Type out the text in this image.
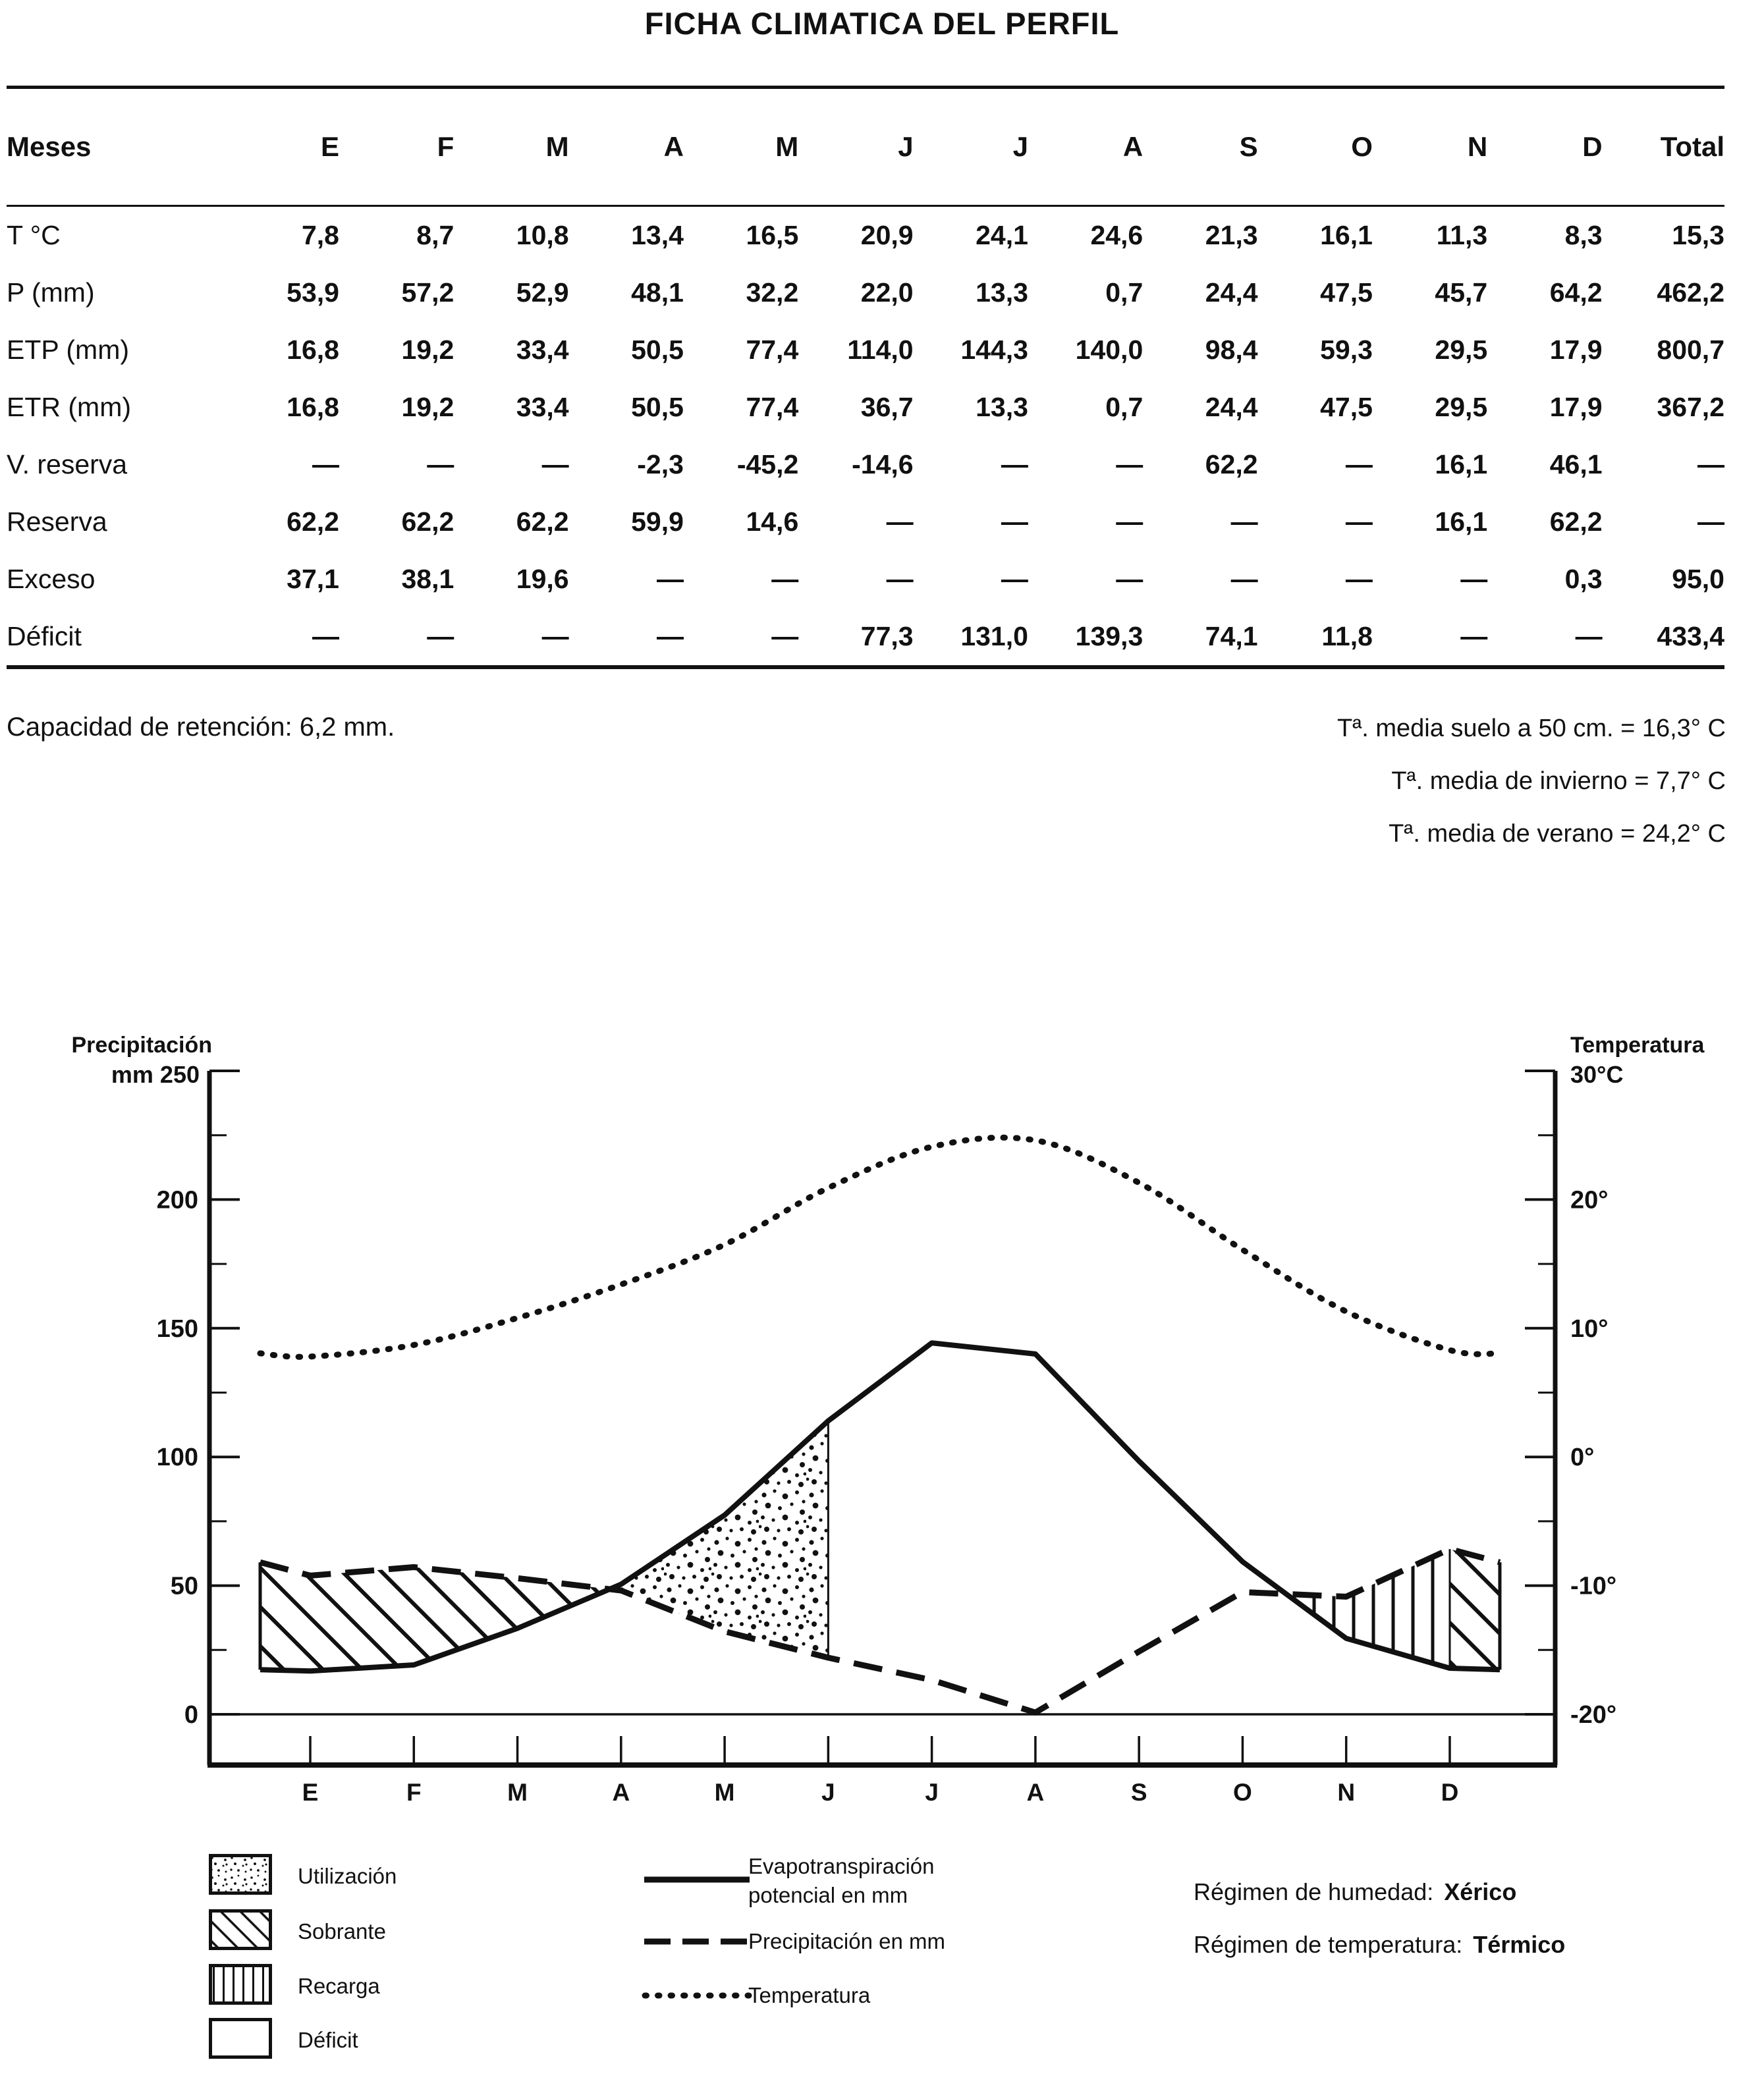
FICHA CLIMATICA DEL PERFIL
Meses	E	F	M	A	M	J	J	A	S	O	N	D	Total
T °C	7,8	8,7	10,8	13,4	16,5	20,9	24,1	24,6	21,3	16,1	11,3	8,3	15,3
P (mm)	53,9	57,2	52,9	48,1	32,2	22,0	13,3	0,7	24,4	47,5	45,7	64,2	462,2
ETP (mm)	16,8	19,2	33,4	50,5	77,4	114,0	144,3	140,0	98,4	59,3	29,5	17,9	800,7
ETR (mm)	16,8	19,2	33,4	50,5	77,4	36,7	13,3	0,7	24,4	47,5	29,5	17,9	367,2
V. reserva	—	—	—	-2,3	-45,2	-14,6	—	—	62,2	—	16,1	46,1	—
Reserva	62,2	62,2	62,2	59,9	14,6	—	—	—	—	—	16,1	62,2	—
Exceso	37,1	38,1	19,6	—	—	—	—	—	—	—	—	0,3	95,0
Déficit	—	—	—	—	—	77,3	131,0	139,3	74,1	11,8	—	—	433,4
Capacidad de retención: 6,2 mm.	Tª. media suelo a 50 cm. = 16,3° C
Tª. media de invierno = 7,7° C
Tª. media de verano = 24,2° C
200
150
100
50
0
20°
10°
0°
-10°
-20°
E	F	M	A	M	J	J	A	S	O	N	D
Precipitación
mm 250
Temperatura
30°C
Utilización
Sobrante
Recarga
Déficit
Evapotranspiración potencial en mm
Precipitación en mm
Temperatura
Régimen de humedad: Xérico
Régimen de temperatura: Térmico
